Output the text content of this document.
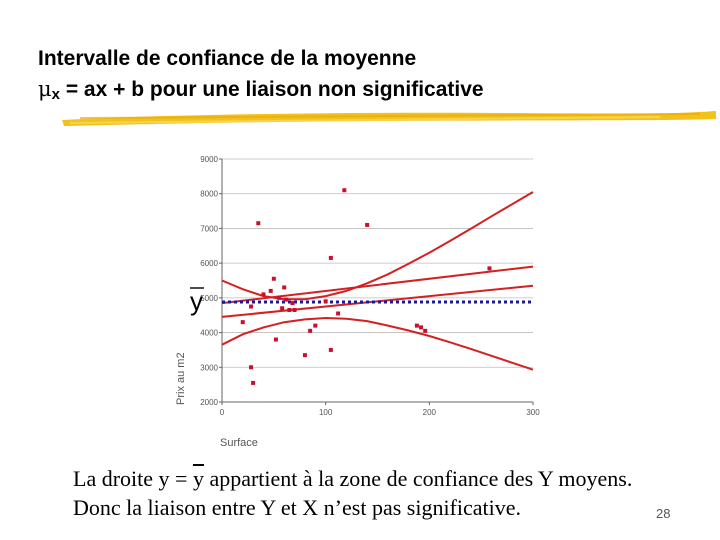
Intervalle de confiance de la moyenne
$\mu_x$ = ax + b pour une liaison non significative
2000
3000
4000
5000
6000
7000
8000
9000
0	100	200	300
y
Surface
Prix au m2
La droite $y = \overline{y}$ appartient à la zone de confiance des Y moyens.
Donc la liaison entre Y et X n’est pas significative.	28
